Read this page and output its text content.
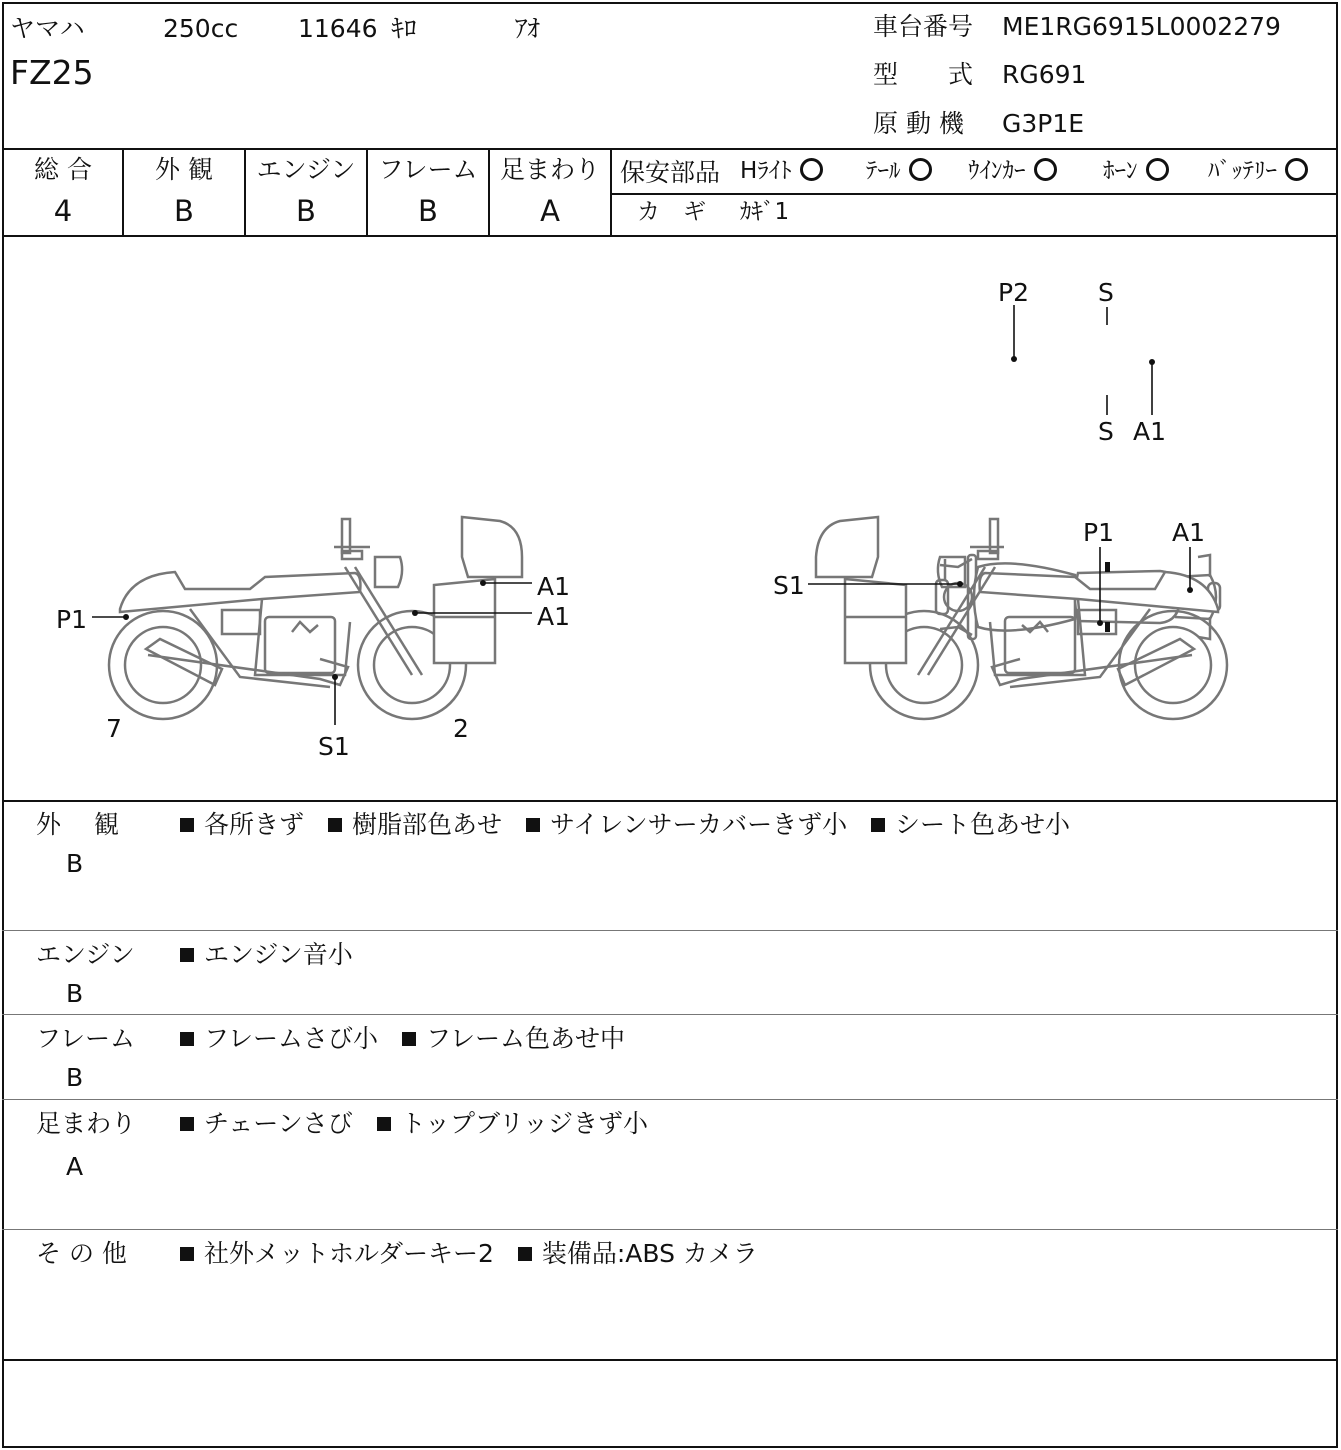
ヤマハ	250cc 11646 ｷﾛ	ｱｵ
FZ25
車台番号 ME1RG6915L0002279
型　　式 RG691
原 動 機 G3P1E
総 合
4
外 観
B
エンジン
B
フレーム
B
足まわり
A
保安部品 Hﾗｲﾄ	ﾃｰﾙ	ｳｲﾝｶｰ	ﾎｰﾝ	ﾊﾞｯﾃﾘｰ
カ　ギ ｶｷﾞ1
P2	S
S A1
P1
A1
A1
S1
7	2
S1
P1 A1
外　 観
B
各所きず 樹脂部色あせ サイレンサーカバーきず小 シート色あせ小
エンジン
B
エンジン音小
フレーム
B
フレームさび小 フレーム色あせ中
足まわり
A
チェーンさび トップブリッジきず小
そ の 他	社外メットホルダーキー2 装備品:ABS カメラ
